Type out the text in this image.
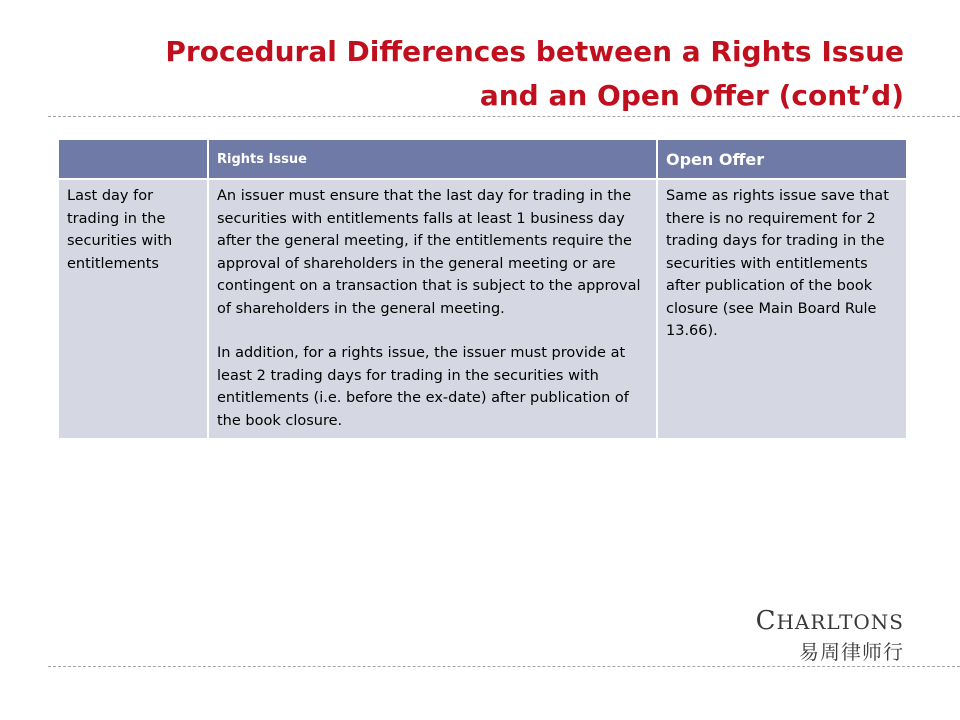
Procedural Differences between a Rights Issue
and an Open Offer (cont’d)
	Rights Issue	Open Offer
Last day for trading in the securities with entitlements	An issuer must ensure that the last day for trading in the securities with entitlements falls at least 1 business day after the general meeting, if the entitlements require the approval of shareholders in the general meeting or are contingent on a transaction that is subject to the approval of shareholders in the general meeting.

In addition, for a rights issue, the issuer must provide at least 2 trading days for trading in the securities with entitlements (i.e. before the ex-date) after publication of the book closure.	Same as rights issue save that there is no requirement for 2 trading days for trading in the securities with entitlements after publication of the book closure (see Main Board Rule 13.66).
CHARLTONS
易周律师行
